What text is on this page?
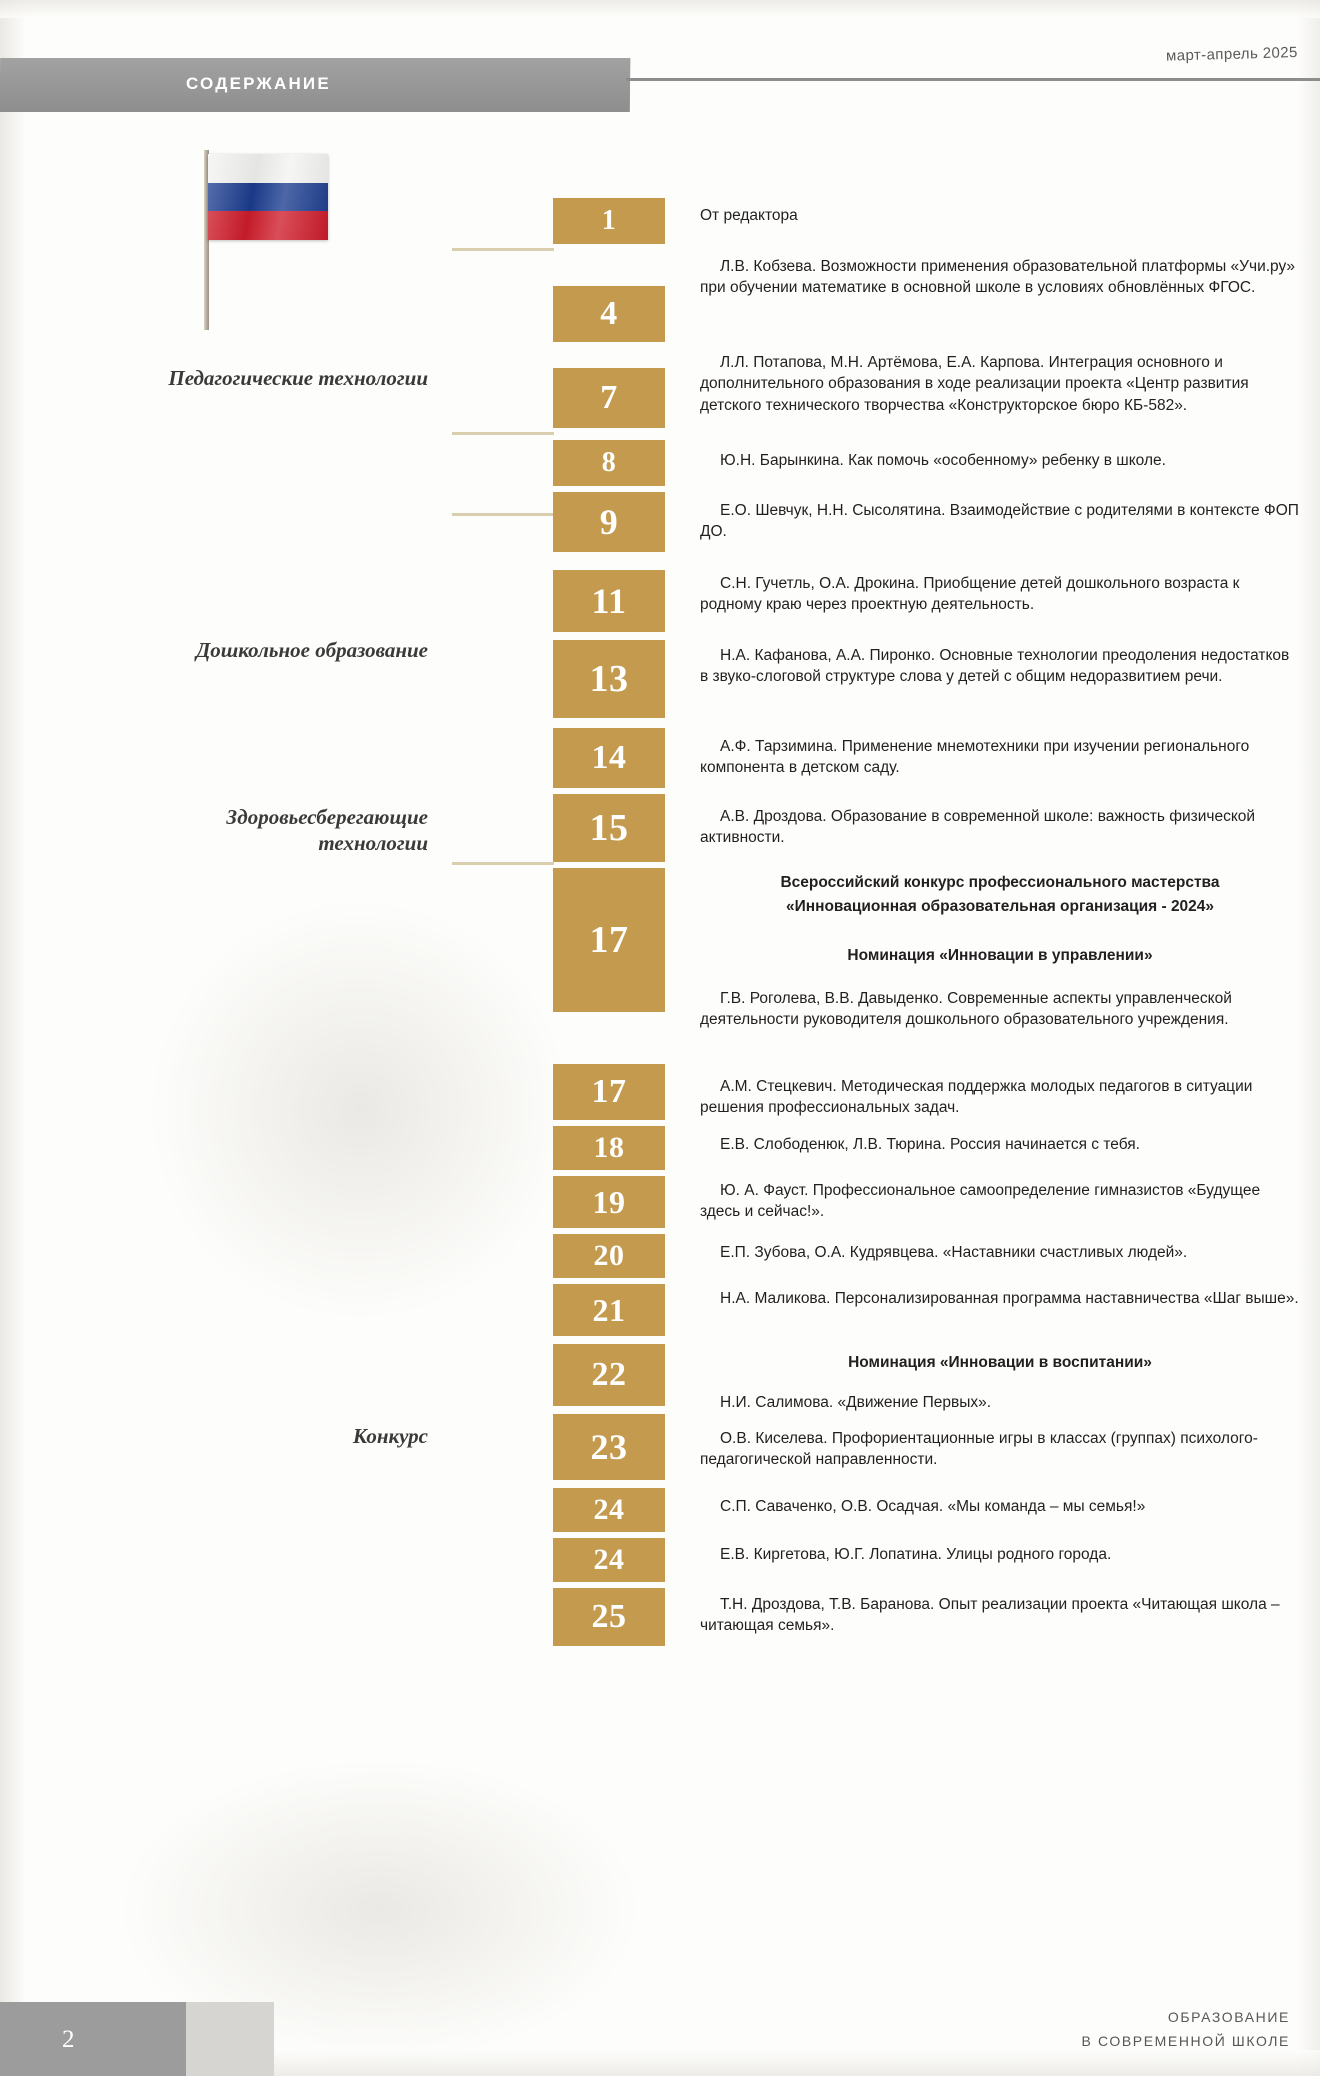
СОДЕРЖАНИЕ
март-апрель 2025
Педагогические технологии
Дошкольное образование
Здоровьесберегающие
технологии
Конкурс
1
4
7
8
9
11
13
14
15
17
17
18
19
20
21
22
23
24
24
25
От редактора
Л.В. Кобзева. Возможности применения образовательной платформы «Учи.ру» при обучении математике в основной школе в условиях обновлённых ФГОС.
Л.Л. Потапова, М.Н. Артёмова, Е.А. Карпова. Интеграция основного и дополнительного образования в ходе реализации проекта «Центр развития детского технического творчества «Конструкторское бюро КБ-582».
Ю.Н. Барынкина. Как помочь «особенному» ребенку в школе.
Е.О. Шевчук, Н.Н. Сысолятина. Взаимодействие с родителями в контексте ФОП ДО.
С.Н. Гучетль, О.А. Дрокина. Приобщение детей дошкольного возраста к родному краю через проектную деятельность.
Н.А. Кафанова, А.А. Пиронко. Основные технологии преодоления недостатков в звуко-слоговой структуре слова у детей с общим недоразвитием речи.
А.Ф. Тарзимина. Применение мнемотехники при изучении регионального компонента в детском саду.
А.В. Дроздова. Образование в современной школе: важность физической активности.
Всероссийский конкурс профессионального мастерства
«Инновационная образовательная организация - 2024»
Номинация «Инновации в управлении»
Г.В. Роголева, В.В. Давыденко. Современные аспекты управленческой деятельности руководителя дошкольного образовательного учреждения.
А.М. Стецкевич. Методическая поддержка молодых педагогов в ситуации решения профессиональных задач.
Е.В. Слободенюк, Л.В. Тюрина. Россия начинается с тебя.
Ю. А. Фауст. Профессиональное самоопределение гимназистов «Будущее здесь и сейчас!».
Е.П. Зубова, О.А. Кудрявцева. «Наставники счастливых людей».
Н.А. Маликова. Персонализированная программа наставничества «Шаг выше».
Номинация «Инновации в воспитании»
Н.И. Салимова. «Движение Первых».
О.В. Киселева. Профориентационные игры в классах (группах) психолого-педагогической направленности.
С.П. Саваченко, О.В. Осадчая. «Мы команда – мы семья!»
Е.В. Киргетова, Ю.Г. Лопатина. Улицы родного города.
Т.Н. Дроздова, Т.В. Баранова. Опыт реализации проекта «Читающая школа – читающая семья».
2
ОБРАЗОВАНИЕ
В СОВРЕМЕННОЙ ШКОЛЕ
